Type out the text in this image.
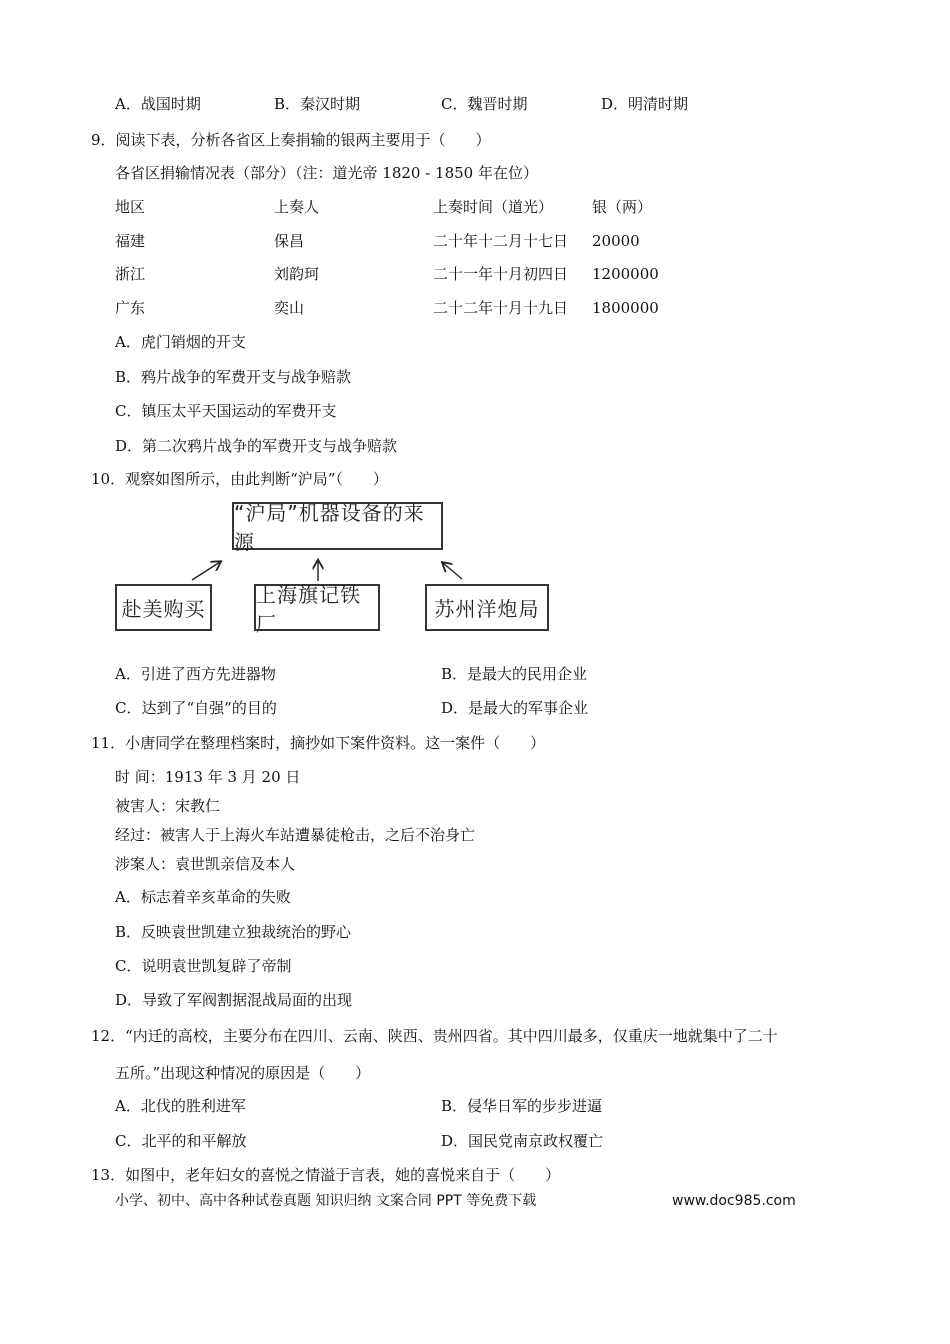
A．战国时期	B．秦汉时期	C．魏晋时期	D．明清时期
9．阅读下表，分析各省区上奏捐输的银两主要用于（　　）
各省区捐输情况表（部分）（注：道光帝 1820 - 1850 年在位）
地区	上奏人	上奏时间（道光）	银（两）
福建	保昌	二十年十二月十七日 20000
浙江	刘韵珂	二十一年十月初四日 1200000
广东	奕山	二十二年十月十九日 1800000
A．虎门销烟的开支
B．鸦片战争的军费开支与战争赔款
C．镇压太平天国运动的军费开支
D．第二次鸦片战争的军费开支与战争赔款
10．观察如图所示，由此判断“沪局”（　　）
“沪局”机器设备的来源
赴美购买
上海旗记铁厂
苏州洋炮局
A．引进了西方先进器物	B．是最大的民用企业
C．达到了“自强”的目的	D．是最大的军事企业
11．小唐同学在整理档案时，摘抄如下案件资料。这一案件（　　）
时 间：1913 年 3 月 20 日
被害人：宋教仁
经过：被害人于上海火车站遭暴徒枪击，之后不治身亡
涉案人：袁世凯亲信及本人
A．标志着辛亥革命的失败
B．反映袁世凯建立独裁统治的野心
C．说明袁世凯复辟了帝制
D．导致了军阀割据混战局面的出现
12．“内迁的高校，主要分布在四川、云南、陕西、贵州四省。其中四川最多，仅重庆一地就集中了二十
五所。”出现这种情况的原因是（　　）
A．北伐的胜利进军	B．侵华日军的步步进逼
C．北平的和平解放	D．国民党南京政权覆亡
13．如图中，老年妇女的喜悦之情溢于言表，她的喜悦来自于（　　）
小学、初中、高中各种试卷真题 知识归纳 文案合同 PPT 等免费下载	www.doc985.com
